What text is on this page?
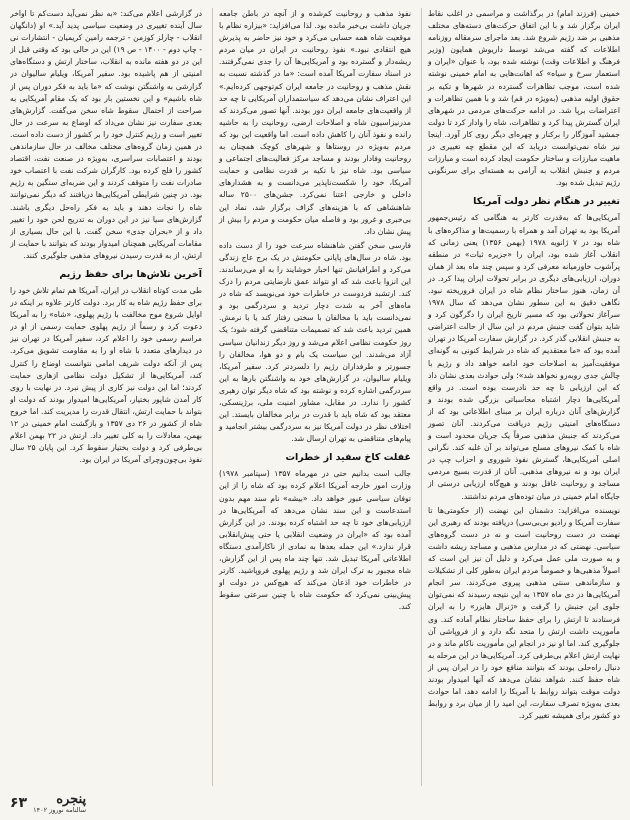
خمینی (فرزند امام) در برگذاشت و مراسمی در اغلب نقاط ایران برگزار شد و با این اتفاق حرکت‌های دسته‌های مختلف مذهبی بر ضد رژیم شروع شد. بعد ماجرای سرمقاله روزنامه اطلاعات که گفته می‌شد توسط داریوش همایون (وزیر فرهنگ و اطلاعات وقت) نوشته شده بود، با عنوان «ایران و استعمار سرخ و سیاه» که اهانت‌هایی به امام خمینی نوشته شده است، موجب تظاهرات گسترده در شهرها و تکیه بر حقوق اولیه مذهبی (به‌ویژه در قم) شد و با همین تظاهرات و اعتراضات برپا شد. در ادامه حرکت‌های مردمی در شهرهای ایران گسترش پیدا کرد و تظاهرات، شاه را وادار کرد تا دولت جمشید آموزگار را برکنار و چهره‌ای دیگر روی کار آورد. اینجا نیز شاه نمی‌توانست دریابد که این مقطع چه تغییری در ماهیت مبارزات و ساختار حکومت ایجاد کرده است و مبارزات مردم و جنبش انقلاب به آرامی به هسته‌ای برای سرنگونی رژیم تبدیل شده بود.

تغییر در هنگام نظر دولت آمریکا

آمریکایی‌ها که به‌قدرت کارتر به هنگامی که رئیس‌جمهور آمریکا بود به تهران آمد و همراه با رسمیت‌ها و مذاکره‌های با شاه بود در ۷ ژانویه ۱۹۷۸ (بهمن ۱۳۵۶) یعنی زمانی که انقلاب آغاز شده بود، ایران را «جزیره ثبات» در منطقه پرآشوب خاورمیانه معرفی کرد و سپس چند ماه بعد از همان دوران، ارزیابی‌های دیگری در برابر تحولات ایران پیدا کرد. در آن زمان، هنوز ساختار نظام شاه در ایران فروریخته نبود. نگاهی دقیق به این سطور نشان می‌دهد که سال ۱۹۷۸ سرآغاز تحولاتی بود که مسیر تاریخ ایران را دگرگون کرد و شاید بتوان گفت جنبش مردم در این سال از حالت اعتراضی به جنبش انقلابی گذر کرد. در گزارش سفارت آمریکا در تهران آمده بود که «ما معتقدیم که شاه در شرایط کنونی به گونه‌ای موفقیت‌آمیز به اصلاحات خود ادامه خواهد داد و رژیم با چالش جدی روبه‌رو نخواهد شد»؛ ولی حوادث بعدی نشان داد که این ارزیابی تا چه حد نادرست بوده است. در واقع آمریکایی‌ها دچار اشتباه محاسباتی بزرگی شده بودند و گزارش‌های آنان درباره ایران بر مبنای اطلاعاتی بود که از دستگاه‌های امنیتی رژیم دریافت می‌کردند. آنان تصور می‌کردند که جنبش مذهبی صرفاً یک جریان محدود است و شاه با کمک نیروهای مسلح می‌تواند بر آن غلبه کند. نگرانی اصلی آمریکایی‌ها، گسترش نفوذ شوروی و احزاب چپ در ایران بود و نه نیروهای مذهبی. آنان از قدرت بسیج مردمی مساجد و روحانیت غافل بودند و هیچ‌گاه ارزیابی درستی از جایگاه امام خمینی در میان توده‌های مردم نداشتند.

نویسنده می‌افزاید: دشمنان این نهضت (از حکومتی‌ها تا سفارت آمریکا و رادیو بی‌بی‌سی) دریافته بودند که رهبری این نهضت در دست روحانیت است و نه در دست گروه‌های سیاسی. نهضتی که در مدارس مذهبی و مساجد ریشه داشت و به صورت ملی عمل می‌کرد و دلیل آن نیز این است که اصولاً مذهبی‌ها و خصوصاً مردم ایران به‌طور کلی از تشکیلات و سازماندهی سنتی مذهبی پیروی می‌کردند. سر انجام آمریکایی‌ها در دی ماه ۱۳۵۷ به این نتیجه رسیدند که نمی‌توان جلوی این جنبش را گرفت و «ژنرال هایزر» را به ایران فرستادند تا ارتش را برای حفظ ساختار نظام آماده کند. وی مأموریت داشت ارتش را متحد نگه دارد و از فروپاشی آن جلوگیری کند. اما او نیز در انجام این مأموریت ناکام ماند و در نهایت ارتش اعلام بی‌طرفی کرد. آمریکایی‌ها در این مرحله به دنبال راه‌حلی بودند که بتوانند منافع خود را در ایران پس از شاه حفظ کنند. شواهد نشان می‌دهد که آنها امیدوار بودند دولت موقت بتواند روابط با آمریکا را ادامه دهد، اما حوادث بعدی به‌ویژه تصرف سفارت، این امید را از میان برد و روابط دو کشور برای همیشه تغییر کرد.

نفوذ مذهب و روحانیت کم‌شده و از آنچه در باطن جامعه جریان داشت بی‌خبر مانده بود. لذا می‌افزاید: «بیزاره نظام با موقعیت شاه همه حسابی می‌کرد و خود نیز حاضر به پذیرش هیچ انتقادی نبود.» نفوذ روحانیت در ایران در میان مردم ریشه‌دار و گسترده بود و آمریکایی‌ها آن را جدی نمی‌گرفتند. در اسناد سفارت آمریکا آمده است: «ما در گذشته نسبت به نقش مذهب و روحانیت در جامعه ایران کم‌توجهی کرده‌ایم.» این اعتراف نشان می‌دهد که سیاستمداران آمریکایی تا چه حد از واقعیت‌های جامعه ایران دور بودند. آنها تصور می‌کردند که مدرنیزاسیون شاه و اصلاحات ارضی، روحانیت را به حاشیه رانده و نفوذ آنان را کاهش داده است. اما واقعیت این بود که مردم به‌ویژه در روستاها و شهرهای کوچک همچنان به روحانیت وفادار بودند و مساجد مرکز فعالیت‌های اجتماعی و سیاسی بود. شاه نیز با تکیه بر قدرت نظامی و حمایت آمریکا، خود را شکست‌ناپذیر می‌دانست و به هشدارهای داخلی و خارجی اعتنا نمی‌کرد. جشن‌های ۲۵۰۰ ساله شاهنشاهی که با هزینه‌های گزاف برگزار شد، نماد این بی‌خبری و غرور بود و فاصله میان حکومت و مردم را بیش از پیش نشان داد.

فارسی سخن گفتن شاهنشاه سرعت خود را از دست داده بود. شاه در سال‌های پایانی حکومتش در یک برج عاج زندگی می‌کرد و اطرافیانش تنها اخبار خوشایند را به او می‌رساندند. این انزوا باعث شد که او نتواند عمق نارضایتی مردم را درک کند. ارتشبد فردوست در خاطرات خود می‌نویسد که شاه در ماه‌های آخر به شدت دچار تردید و سردرگمی بود و نمی‌دانست باید با مخالفان با سختی رفتار کند یا با نرمش. همین تردید باعث شد که تصمیمات متناقضی گرفته شود؛ یک روز حکومت نظامی اعلام می‌شد و روز دیگر زندانیان سیاسی آزاد می‌شدند. این سیاست یک بام و دو هوا، مخالفان را جسورتر و طرفداران رژیم را دلسردتر کرد. سفیر آمریکا، ویلیام سالیوان، در گزارش‌های خود به واشنگتن بارها به این سردرگمی اشاره کرده و نوشته بود که شاه دیگر توان رهبری کشور را ندارد. در مقابل، مشاور امنیت ملی، برژینسکی، معتقد بود که شاه باید با قدرت در برابر مخالفان بایستد. این اختلاف نظر در دولت آمریکا نیز به سردرگمی بیشتر انجامید و پیام‌های متناقضی به تهران ارسال شد.

غفلت کاخ سفید از خطرات

جالب است بدانیم حتی در مهرماه ۱۳۵۷ (سپتامبر ۱۹۷۸) وزارت امور خارجه آمریکا اعلام کرده بود که شاه را از این توفان سیاسی عبور خواهد داد. «بیشه» نام سند مهم بدون استدعاست و این سند نشان می‌دهد که آمریکایی‌ها در ارزیابی‌های خود تا چه حد اشتباه کرده بودند. در این گزارش آمده بود که «ایران در وضعیت انقلابی یا حتی پیش‌انقلابی قرار ندارد.» این جمله بعدها به نمادی از ناکارآمدی دستگاه اطلاعاتی آمریکا تبدیل شد. تنها چند ماه پس از این گزارش، شاه مجبور به ترک ایران شد و رژیم پهلوی فروپاشید. کارتر در خاطرات خود اذعان می‌کند که هیچ‌کس در دولت او پیش‌بینی نمی‌کرد که حکومت شاه با چنین سرعتی سقوط کند.

در گزارشی اعلام می‌کند: «به نظر نمی‌آید دست‌کم تا اواخر سال آینده تغییری در وضعیت سیاسی پدید آید.» او (دانگهان انقلاب - چارلز کوزمن - ترجمه رامین کریمیان - انتشارات نی - چاپ دوم - ۱۴۰۰ - ص ۱۹) این در حالی بود که وقتی قبل از این در دو هفته مانده به انقلاب، ساختار ارتش و دستگاه‌های امنیتی از هم پاشیده بود. سفیر آمریکا، ویلیام سالیوان در گزارشی به واشنگتن نوشت که «ما باید به فکر دوران پس از شاه باشیم» و این نخستین بار بود که یک مقام آمریکایی به صراحت از احتمال سقوط شاه سخن می‌گفت. گزارش‌های بعدی سفارت نیز نشان می‌داد که اوضاع به سرعت در حال تغییر است و رژیم کنترل خود را بر کشور از دست داده است. در همین زمان گروه‌های مختلف مخالف در حال سازماندهی بودند و اعتصابات سراسری، به‌ویژه در صنعت نفت، اقتصاد کشور را فلج کرده بود. کارگران شرکت نفت با اعتصاب خود صادرات نفت را متوقف کردند و این ضربه‌ای سنگین به رژیم بود. در چنین شرایطی آمریکایی‌ها دریافتند که دیگر نمی‌توانند شاه را نجات دهند و باید به فکر راه‌حل دیگری باشند. گزارش‌های سیا نیز در این دوران به تدریج لحن خود را تغییر داد و از «بحران جدی» سخن گفت. با این حال بسیاری از مقامات آمریکایی همچنان امیدوار بودند که بتوانند با حمایت از ارتش، از به قدرت رسیدن نیروهای مذهبی جلوگیری کنند.

آخرین تلاش‌ها برای حفظ رژیم

طی مدت کوتاه انقلاب در ایران، آمریکا هم تمام تلاش خود را برای حفظ رژیم شاه به کار برد. دولت کارتر علاوه بر اینکه در اوایل شروع موج مخالفت با رژیم پهلوی، «شاه» را به آمریکا دعوت کرد و رسماً از رژیم پهلوی حمایت رسمی از او در مراسم رسمی خود را اعلام کرد، سفیر آمریکا در تهران نیز در دیدارهای متعدد با شاه او را به مقاومت تشویق می‌کرد. پس از آنکه دولت شریف امامی نتوانست اوضاع را کنترل کند، آمریکایی‌ها از تشکیل دولت نظامی ازهاری حمایت کردند؛ اما این دولت نیز کاری از پیش نبرد. در نهایت با روی کار آمدن شاپور بختیار، آمریکایی‌ها امیدوار بودند که دولت او بتواند با حمایت ارتش، انتقال قدرت را مدیریت کند. اما خروج شاه از کشور در ۲۶ دی ۱۳۵۷ و بازگشت امام خمینی در ۱۲ بهمن، معادلات را به کلی تغییر داد. ارتش در ۲۲ بهمن اعلام بی‌طرفی کرد و دولت بختیار سقوط کرد. این پایان ۲۵ سال نفوذ بی‌چون‌وچرای آمریکا در ایران بود.

۶۳ پنجره
سالنامه نوروز ۱۴۰۲
